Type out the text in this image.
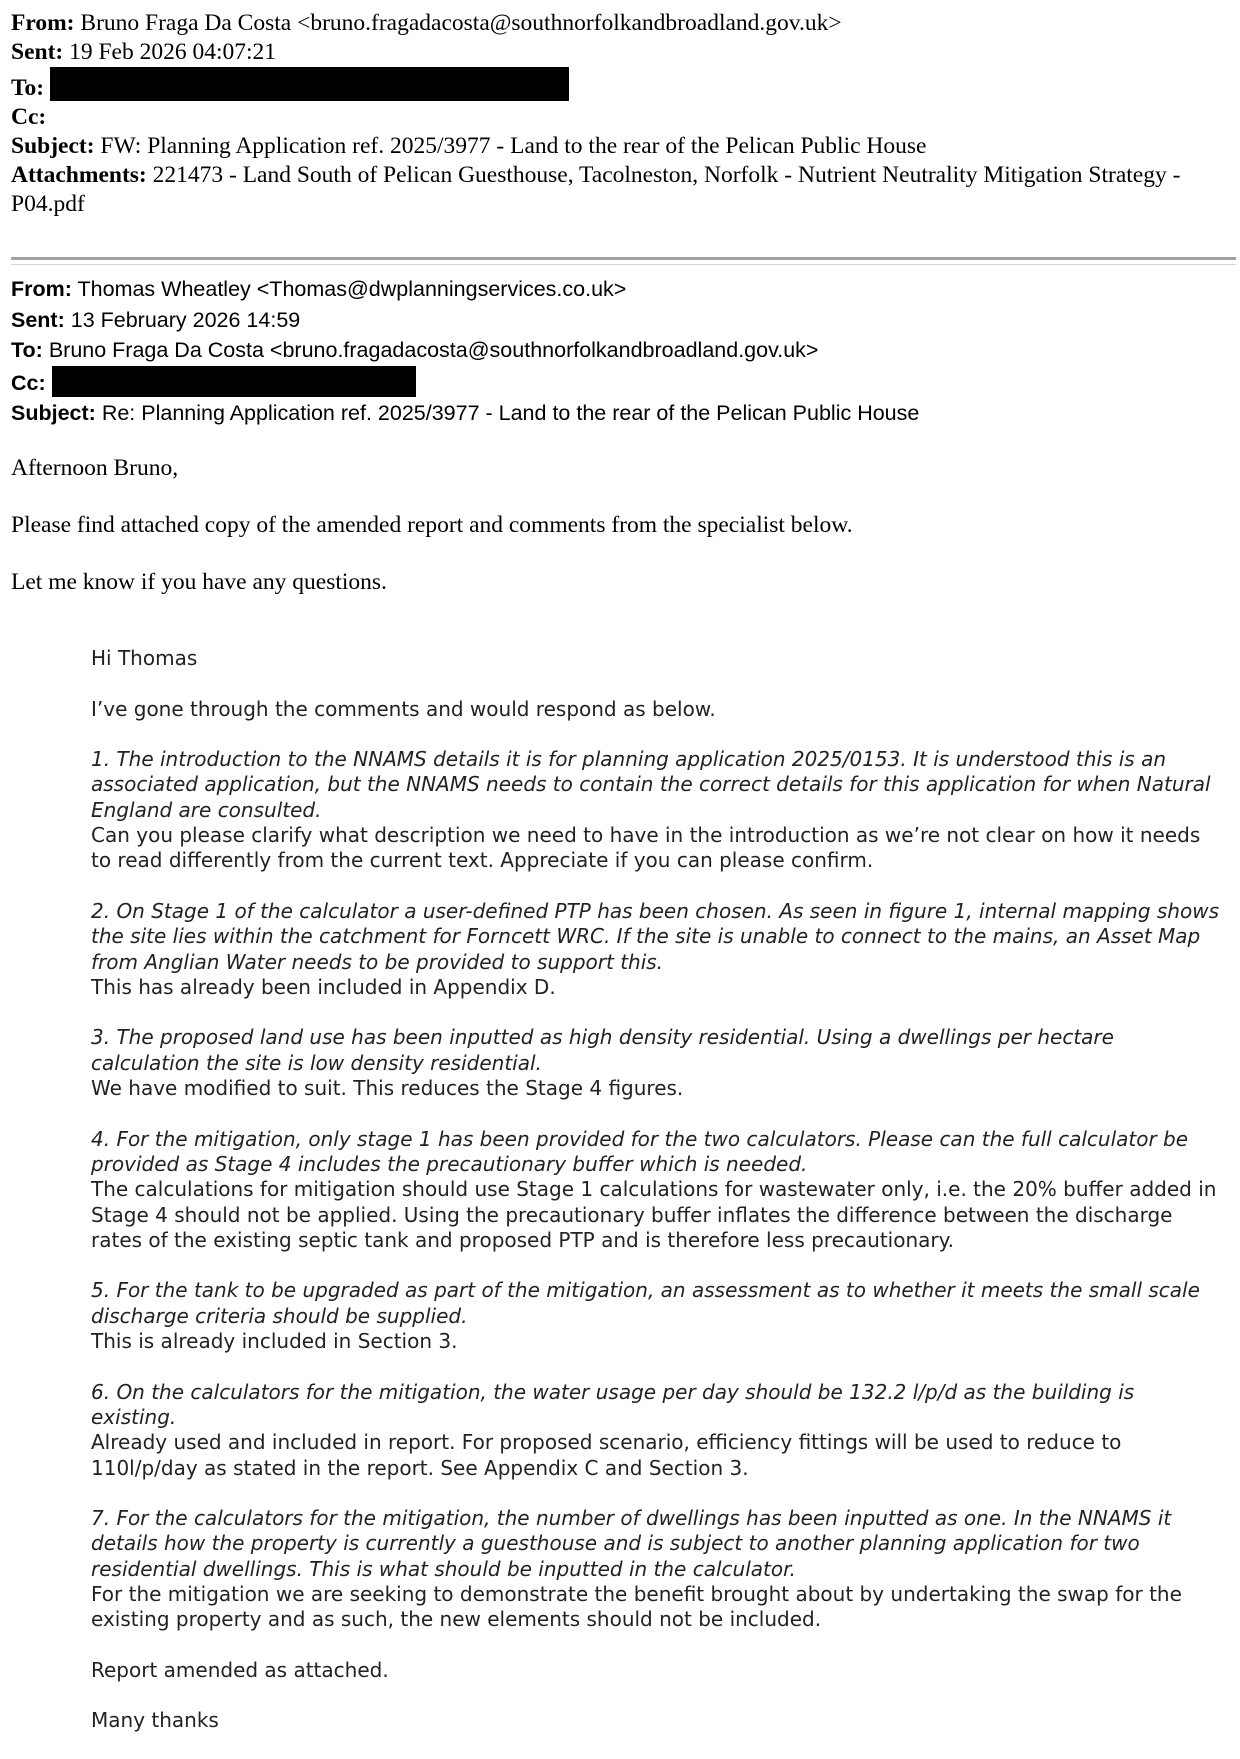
From: Bruno Fraga Da Costa <bruno.fragadacosta@southnorfolkandbroadland.gov.uk>
Sent: 19 Feb 2026 04:07:21
To:
Cc:
Subject: FW: Planning Application ref. 2025/3977 - Land to the rear of the Pelican Public House
Attachments: 221473 - Land South of Pelican Guesthouse, Tacolneston, Norfolk - Nutrient Neutrality Mitigation Strategy - P04.pdf
From: Thomas Wheatley <Thomas@dwplanningservices.co.uk>
Sent: 13 February 2026 14:59
To: Bruno Fraga Da Costa <bruno.fragadacosta@southnorfolkandbroadland.gov.uk>
Cc:
Subject: Re: Planning Application ref. 2025/3977 - Land to the rear of the Pelican Public House

Afternoon Bruno,

Please find attached copy of the amended report and comments from the specialist below.

Let me know if you have any questions.

Hi Thomas

I’ve gone through the comments and would respond as below.

1. The introduction to the NNAMS details it is for planning application 2025/0153. It is understood this is an associated application, but the NNAMS needs to contain the correct details for this application for when Natural England are consulted.
Can you please clarify what description we need to have in the introduction as we’re not clear on how it needs to read differently from the current text. Appreciate if you can please confirm.

2. On Stage 1 of the calculator a user-defined PTP has been chosen. As seen in figure 1, internal mapping shows the site lies within the catchment for Forncett WRC. If the site is unable to connect to the mains, an Asset Map from Anglian Water needs to be provided to support this.
This has already been included in Appendix D.

3. The proposed land use has been inputted as high density residential. Using a dwellings per hectare calculation the site is low density residential.
We have modified to suit. This reduces the Stage 4 figures.

4. For the mitigation, only stage 1 has been provided for the two calculators. Please can the full calculator be provided as Stage 4 includes the precautionary buffer which is needed.
The calculations for mitigation should use Stage 1 calculations for wastewater only, i.e. the 20% buffer added in Stage 4 should not be applied. Using the precautionary buffer inflates the difference between the discharge rates of the existing septic tank and proposed PTP and is therefore less precautionary.

5. For the tank to be upgraded as part of the mitigation, an assessment as to whether it meets the small scale discharge criteria should be supplied.
This is already included in Section 3.

6. On the calculators for the mitigation, the water usage per day should be 132.2 l/p/d as the building is existing.
Already used and included in report. For proposed scenario, efficiency fittings will be used to reduce to 110l/p/day as stated in the report. See Appendix C and Section 3.

7. For the calculators for the mitigation, the number of dwellings has been inputted as one. In the NNAMS it details how the property is currently a guesthouse and is subject to another planning application for two residential dwellings. This is what should be inputted in the calculator.
For the mitigation we are seeking to demonstrate the benefit brought about by undertaking the swap for the existing property and as such, the new elements should not be included.

Report amended as attached.

Many thanks
